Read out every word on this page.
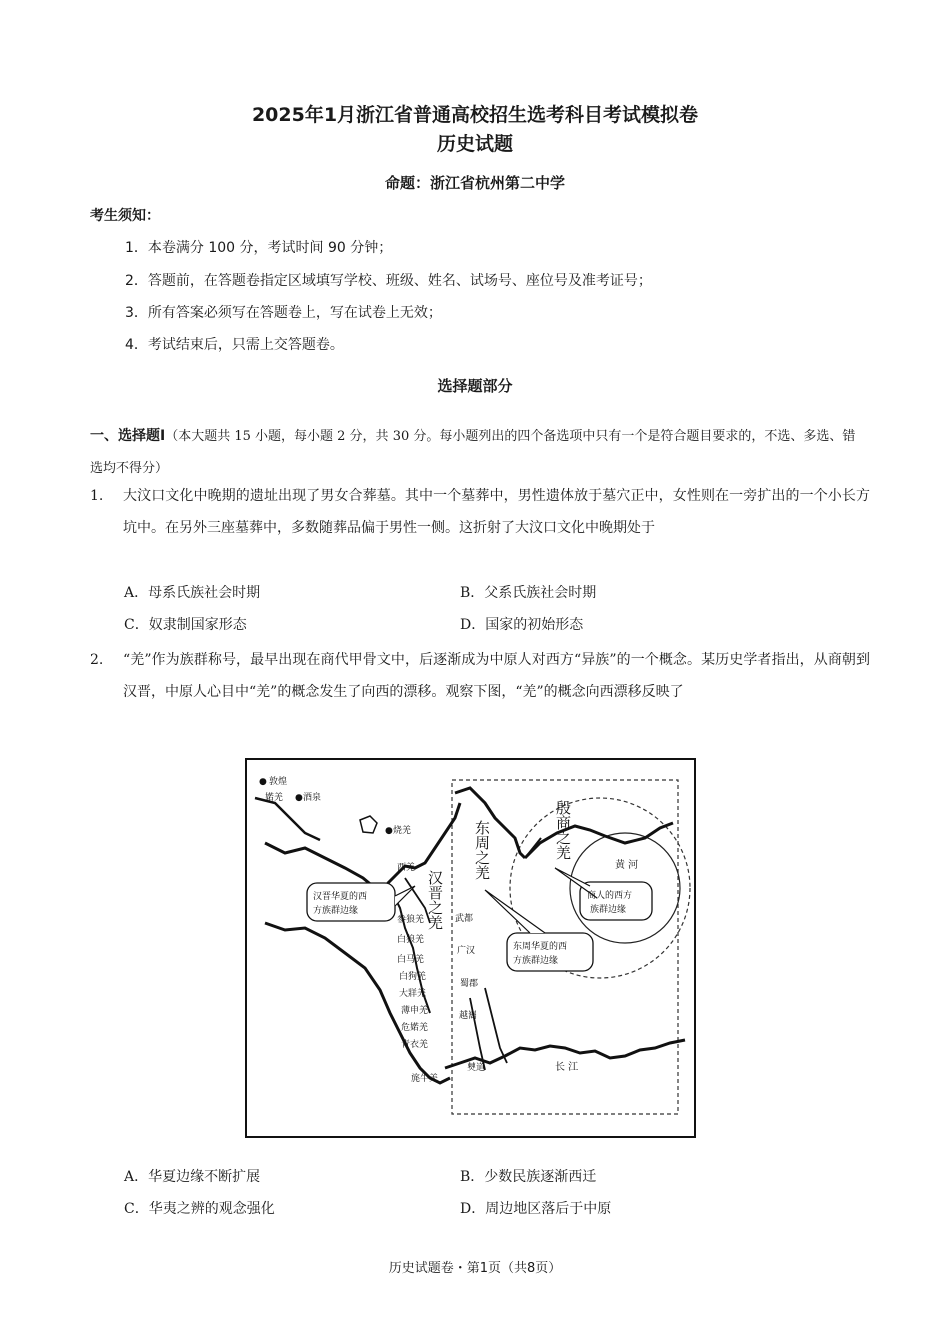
2025年1月浙江省普通高校招生选考科目考试模拟卷
历史试题
命题：浙江省杭州第二中学
考生须知：
1．本卷满分 100 分，考试时间 90 分钟；
2．答题前，在答题卷指定区域填写学校、班级、姓名、试场号、座位号及准考证号；
3．所有答案必须写在答题卷上，写在试卷上无效；
4．考试结束后，只需上交答题卷。
选择题部分
一、选择题Ⅰ（本大题共 15 小题，每小题 2 分，共 30 分。每小题列出的四个备选项中只有一个是符合题目要求的，不选、多选、错选均不得分）
1. 大汶口文化中晚期的遗址出现了男女合葬墓。其中一个墓葬中，男性遗体放于墓穴正中，女性则在一旁扩出的一个小长方坑中。在另外三座墓葬中，多数随葬品偏于男性一侧。这折射了大汶口文化中晚期处于
A．母系氏族社会时期	B．父系氏族社会时期
C．奴隶制国家形态	D．国家的初始形态
2. “羌”作为族群称号，最早出现在商代甲骨文中，后逐渐成为中原人对西方“异族”的一个概念。某历史学者指出，从商朝到汉晋，中原人心目中“羌”的概念发生了向西的漂移。观察下图，“羌”的概念向西漂移反映了
● 敦煌
婼羌 ● 酒泉
● 烧羌
西羌
武都
广汉
蜀郡
越巂
僰道	长 江
黄 河
参狼羌
白狼羌
白马羌
白狗羌
大牂羌
薄申羌
危婼羌
青衣羌
旄牛羌
汉晋之羌
东周之羌	殷商之羌
汉晋华夏的西
方族群边缘
东周华夏的西
方族群边缘
商人的西方
族群边缘
A．华夏边缘不断扩展	B．少数民族逐渐西迁
C．华夷之辨的观念强化	D．周边地区落后于中原
历史试题卷・第1页（共8页）
